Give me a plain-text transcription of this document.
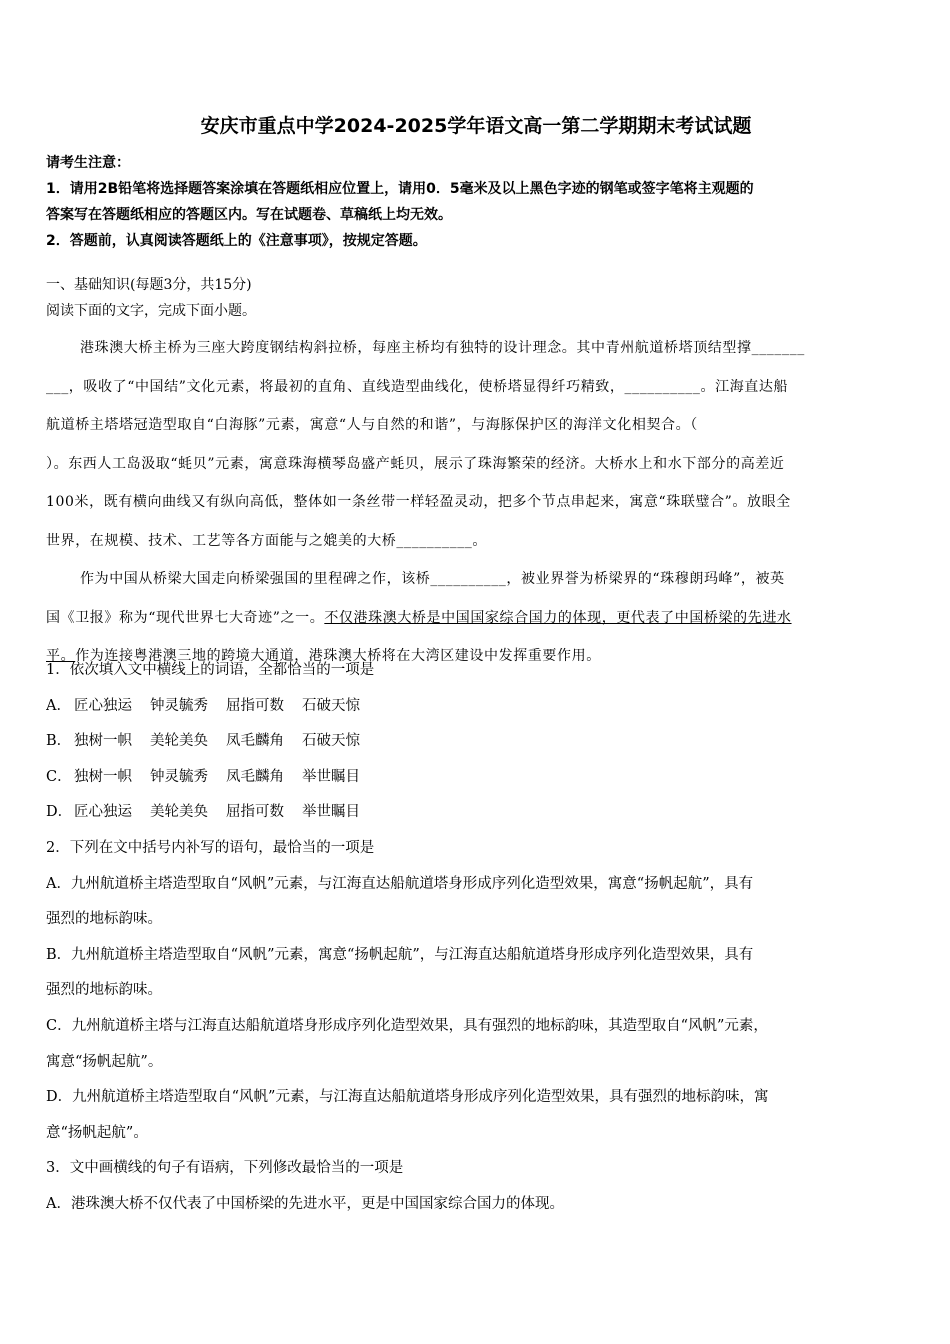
安庆市重点中学2024-2025学年语文高一第二学期期末考试试题
请考生注意：
1．请用2B铅笔将选择题答案涂填在答题纸相应位置上，请用0．5毫米及以上黑色字迹的钢笔或签字笔将主观题的
答案写在答题纸相应的答题区内。写在试题卷、草稿纸上均无效。
2．答题前，认真阅读答题纸上的《注意事项》，按规定答题。
一、基础知识(每题3分，共15分)
阅读下面的文字，完成下面小题。
港珠澳大桥主桥为三座大跨度钢结构斜拉桥，每座主桥均有独特的设计理念。其中青州航道桥塔顶结型撑_______
___，吸收了“中国结”文化元素，将最初的直角、直线造型曲线化，使桥塔显得纤巧精致，__________。江海直达船
航道桥主塔塔冠造型取自“白海豚”元素，寓意“人与自然的和谐”，与海豚保护区的海洋文化相契合。（
）。东西人工岛汲取“蚝贝”元素，寓意珠海横琴岛盛产蚝贝，展示了珠海繁荣的经济。大桥水上和水下部分的高差近
100米，既有横向曲线又有纵向高低，整体如一条丝带一样轻盈灵动，把多个节点串起来，寓意“珠联璧合”。放眼全
世界，在规模、技术、工艺等各方面能与之媲美的大桥__________。
作为中国从桥梁大国走向桥梁强国的里程碑之作，该桥__________，被业界誉为桥梁界的“珠穆朗玛峰”，被英
国《卫报》称为“现代世界七大奇迹”之一。不仅港珠澳大桥是中国国家综合国力的体现，更代表了中国桥梁的先进水
平。作为连接粤港澳三地的跨境大通道，港珠澳大桥将在大湾区建设中发挥重要作用。
1．依次填入文中横线上的词语，全都恰当的一项是
A． 匠心独运 钟灵毓秀 屈指可数 石破天惊
B． 独树一帜 美轮美奂 凤毛麟角 石破天惊
C． 独树一帜 钟灵毓秀 凤毛麟角 举世瞩目
D． 匠心独运 美轮美奂 屈指可数 举世瞩目
2．下列在文中括号内补写的语句，最恰当的一项是
A．九州航道桥主塔造型取自“风帆”元素，与江海直达船航道塔身形成序列化造型效果，寓意“扬帆起航”，具有
强烈的地标韵味。
B．九州航道桥主塔造型取自“风帆”元素，寓意“扬帆起航”，与江海直达船航道塔身形成序列化造型效果，具有
强烈的地标韵味。
C．九州航道桥主塔与江海直达船航道塔身形成序列化造型效果，具有强烈的地标韵味，其造型取自“风帆”元素，
寓意“扬帆起航”。
D．九州航道桥主塔造型取自“风帆”元素，与江海直达船航道塔身形成序列化造型效果，具有强烈的地标韵味，寓
意“扬帆起航”。
3．文中画横线的句子有语病，下列修改最恰当的一项是
A．港珠澳大桥不仅代表了中国桥梁的先进水平，更是中国国家综合国力的体现。
